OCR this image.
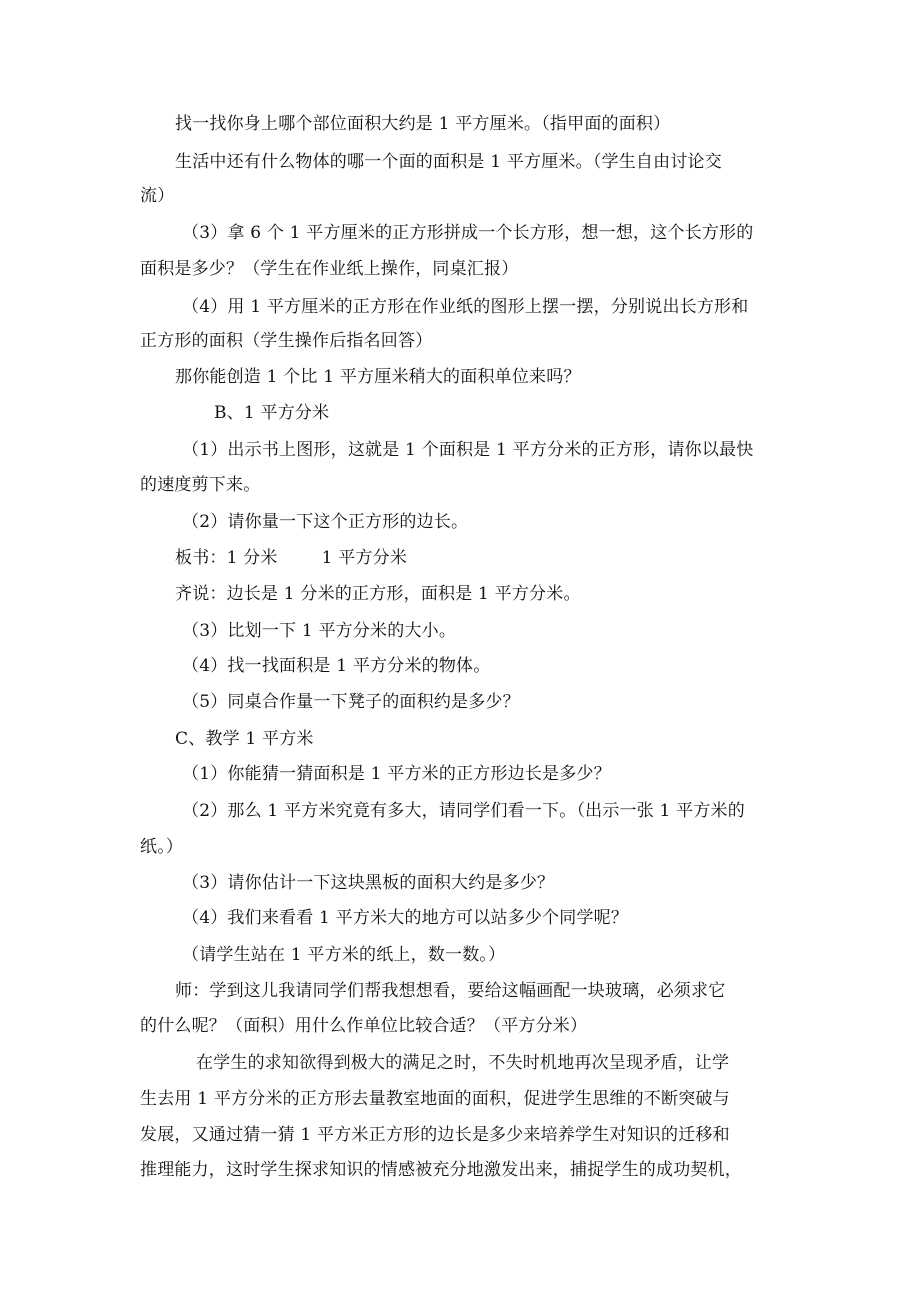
找一找你身上哪个部位面积大约是 1 平方厘米。（指甲面的面积）
生活中还有什么物体的哪一个面的面积是 1 平方厘米。（学生自由讨论交
流）
（3）拿 6 个 1 平方厘米的正方形拼成一个长方形，想一想，这个长方形的
面积是多少？（学生在作业纸上操作，同桌汇报）
（4）用 1 平方厘米的正方形在作业纸的图形上摆一摆，分别说出长方形和
正方形的面积（学生操作后指名回答）
那你能创造 1 个比 1 平方厘米稍大的面积单位来吗？
B、1 平方分米
（1）出示书上图形，这就是 1 个面积是 1 平方分米的正方形，请你以最快
的速度剪下来。
（2）请你量一下这个正方形的边长。
板书：1 分米	1 平方分米
齐说：边长是 1 分米的正方形，面积是 1 平方分米。
（3）比划一下 1 平方分米的大小。
（4）找一找面积是 1 平方分米的物体。
（5）同桌合作量一下凳子的面积约是多少？
C、教学 1 平方米
（1）你能猜一猜面积是 1 平方米的正方形边长是多少？
（2）那么 1 平方米究竟有多大，请同学们看一下。（出示一张 1 平方米的
纸。）
（3）请你估计一下这块黑板的面积大约是多少？
（4）我们来看看 1 平方米大的地方可以站多少个同学呢？
（请学生站在 1 平方米的纸上，数一数。）
师：学到这儿我请同学们帮我想想看，要给这幅画配一块玻璃，必须求它
的什么呢？（面积）用什么作单位比较合适？（平方分米）
在学生的求知欲得到极大的满足之时，不失时机地再次呈现矛盾，让学
生去用 1 平方分米的正方形去量教室地面的面积，促进学生思维的不断突破与
发展，又通过猜一猜 1 平方米正方形的边长是多少来培养学生对知识的迁移和
推理能力，这时学生探求知识的情感被充分地激发出来，捕捉学生的成功契机，
